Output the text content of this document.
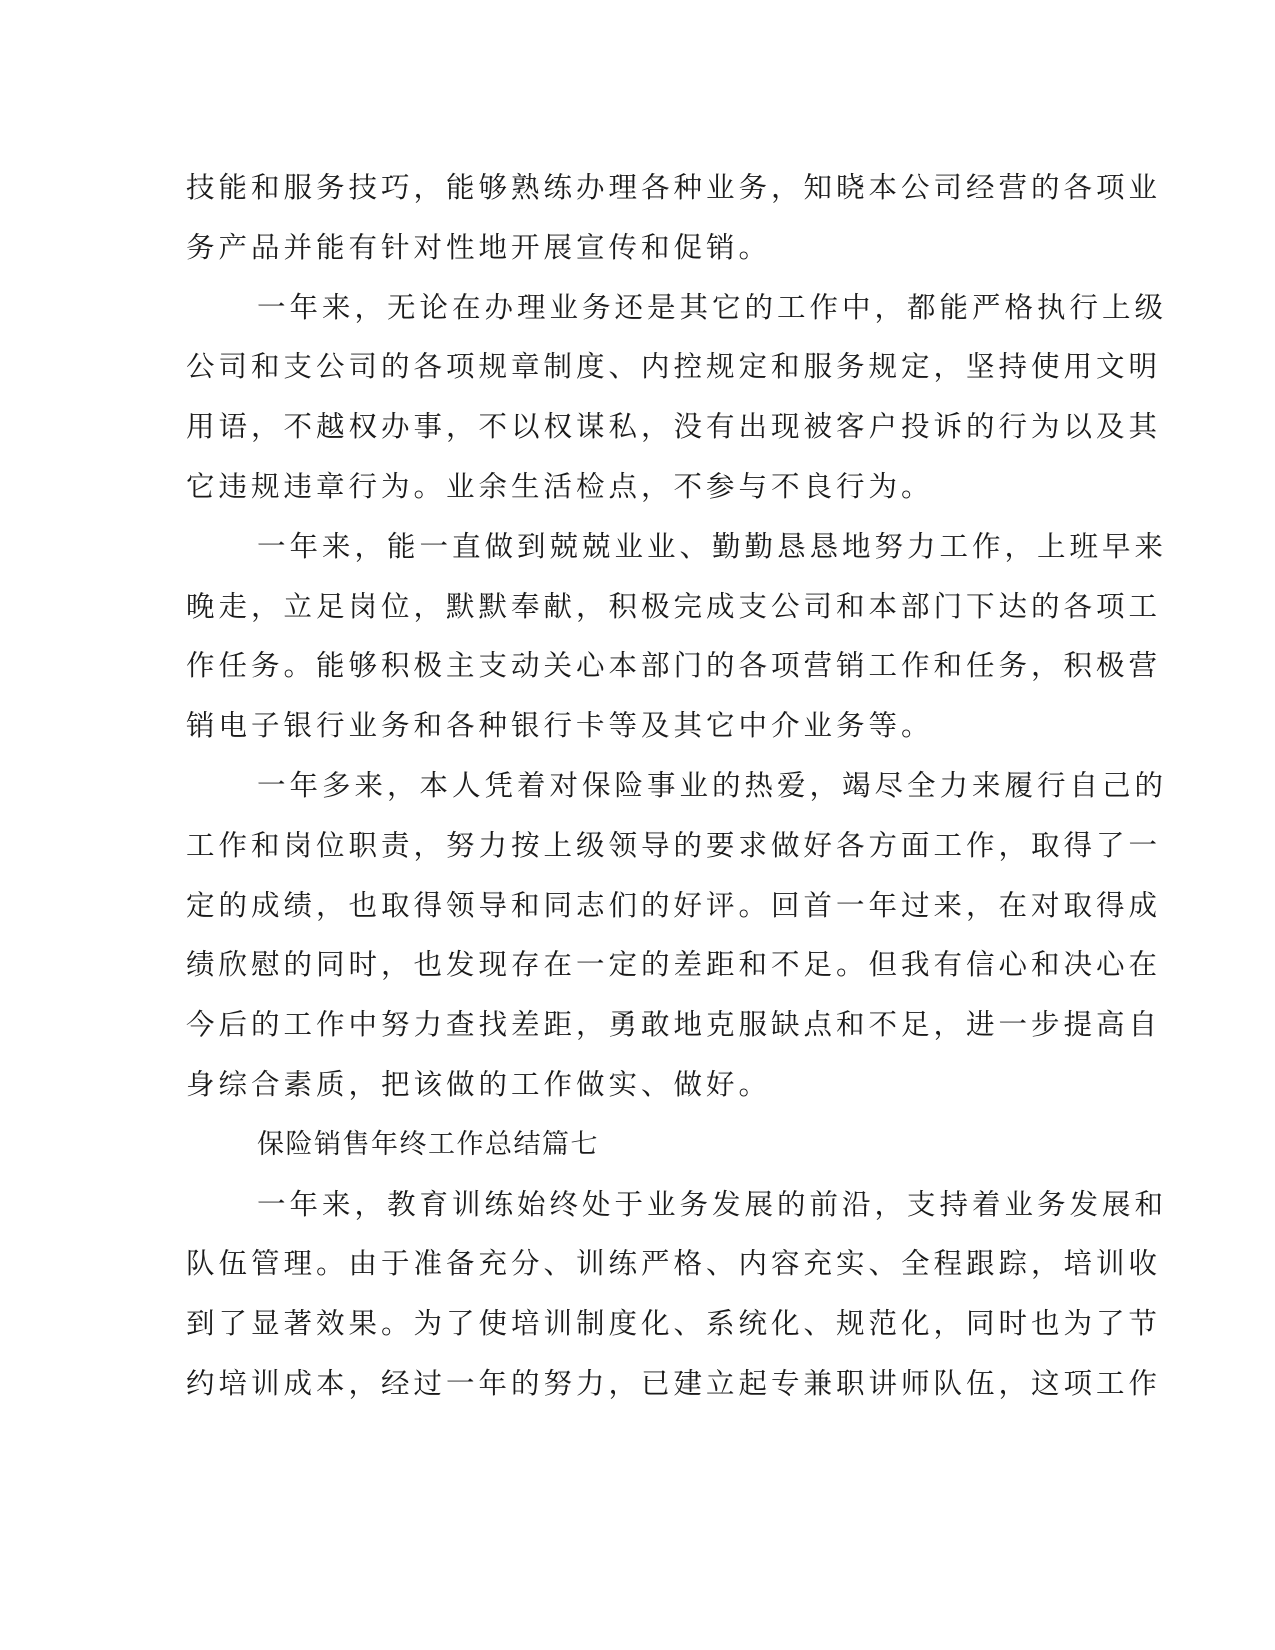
技能和服务技巧，能够熟练办理各种业务，知晓本公司经营的各项业
务产品并能有针对性地开展宣传和促销。
一年来，无论在办理业务还是其它的工作中，都能严格执行上级
公司和支公司的各项规章制度、内控规定和服务规定，坚持使用文明
用语，不越权办事，不以权谋私，没有出现被客户投诉的行为以及其
它违规违章行为。业余生活检点，不参与不良行为。
一年来，能一直做到兢兢业业、勤勤恳恳地努力工作，上班早来
晚走，立足岗位，默默奉献，积极完成支公司和本部门下达的各项工
作任务。能够积极主支动关心本部门的各项营销工作和任务，积极营
销电子银行业务和各种银行卡等及其它中介业务等。
一年多来，本人凭着对保险事业的热爱，竭尽全力来履行自己的
工作和岗位职责，努力按上级领导的要求做好各方面工作，取得了一
定的成绩，也取得领导和同志们的好评。回首一年过来，在对取得成
绩欣慰的同时，也发现存在一定的差距和不足。但我有信心和决心在
今后的工作中努力查找差距，勇敢地克服缺点和不足，进一步提高自
身综合素质，把该做的工作做实、做好。
保险销售年终工作总结篇七
一年来，教育训练始终处于业务发展的前沿，支持着业务发展和
队伍管理。由于准备充分、训练严格、内容充实、全程跟踪，培训收
到了显著效果。为了使培训制度化、系统化、规范化，同时也为了节
约培训成本，经过一年的努力，已建立起专兼职讲师队伍，这项工作
